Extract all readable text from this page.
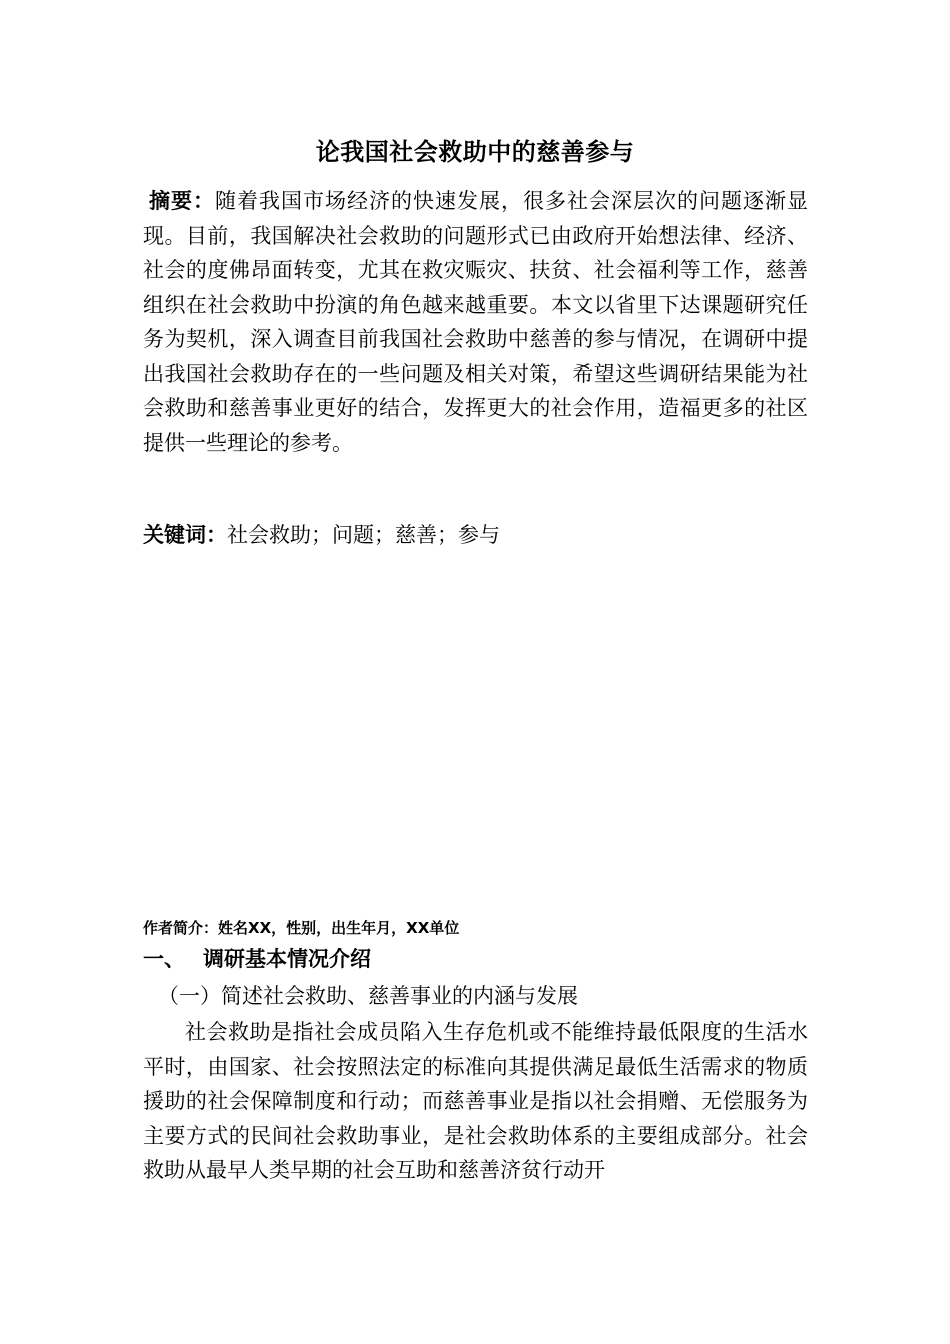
论我国社会救助中的慈善参与
摘要：随着我国市场经济的快速发展，很多社会深层次的问题逐渐显现。目前，我国解决社会救助的问题形式已由政府开始想法律、经济、社会的度佛昂面转变，尤其在救灾赈灾、扶贫、社会福利等工作，慈善组织在社会救助中扮演的角色越来越重要。本文以省里下达课题研究任务为契机，深入调查目前我国社会救助中慈善的参与情况，在调研中提出我国社会救助存在的一些问题及相关对策，希望这些调研结果能为社会救助和慈善事业更好的结合，发挥更大的社会作用，造福更多的社区提供一些理论的参考。
关键词：社会救助；问题；慈善；参与
作者简介：姓名XX，性别，出生年月，XX单位
一、 调研基本情况介绍
（一）简述社会救助、慈善事业的内涵与发展
社会救助是指社会成员陷入生存危机或不能维持最低限度的生活水平时，由国家、社会按照法定的标准向其提供满足最低生活需求的物质援助的社会保障制度和行动；而慈善事业是指以社会捐赠、无偿服务为主要方式的民间社会救助事业，是社会救助体系的主要组成部分。社会救助从最早人类早期的社会互助和慈善济贫行动开
